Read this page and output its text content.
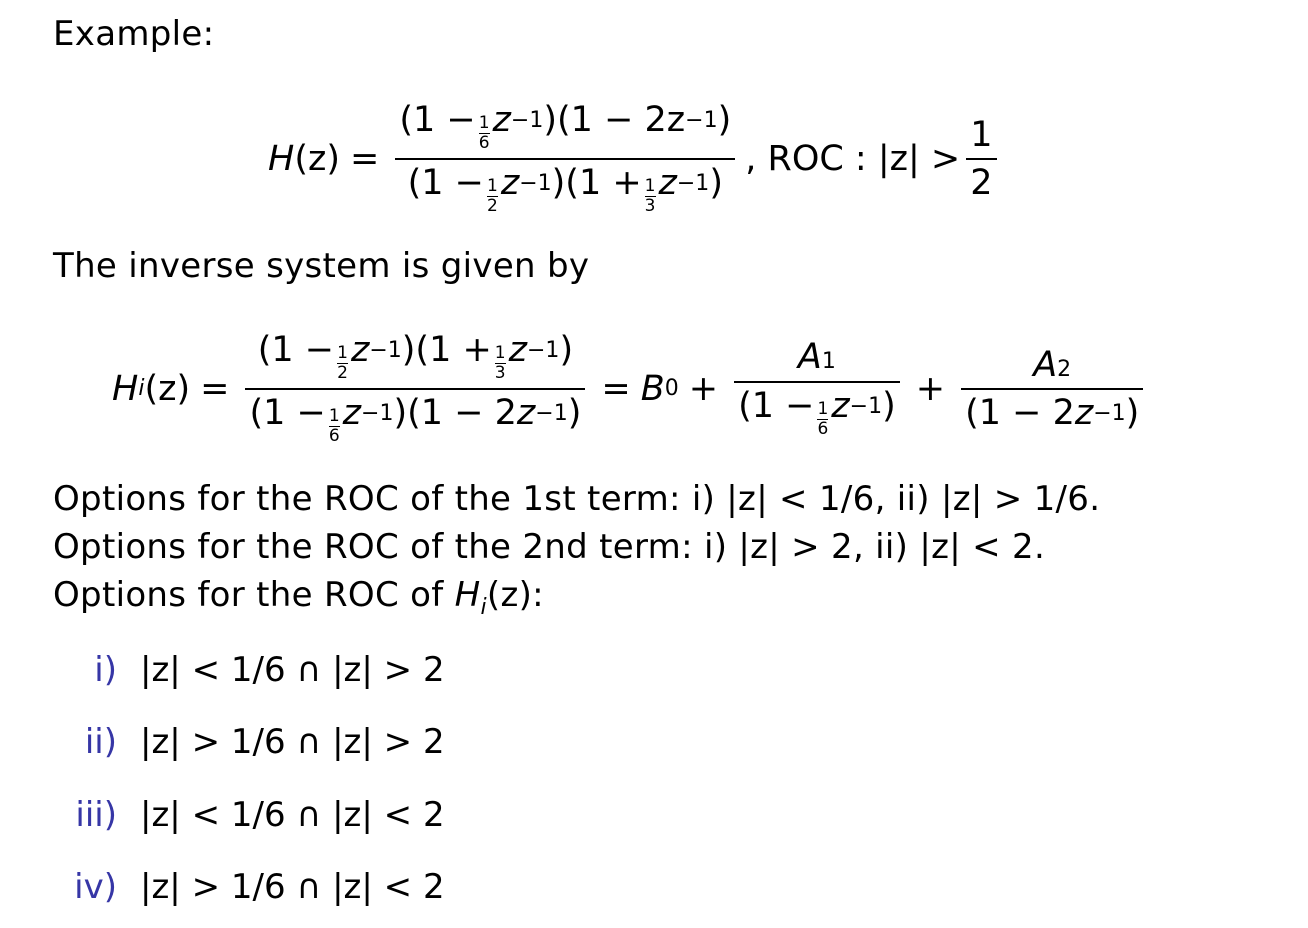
Example:
H (z) = (1 − 1
6
$z^{-1}$ )($1 - 2z^{-1}$ )
(1 − 1
2
$z^{-1}$ )(1 + 1
3
$z^{-1}$ ) , ROC : $|z| > \frac{1}{2}$
The inverse system is given by
H i (z) = (1 − 1
2
$z^{-1}$ )(1 + 1
3
$z^{-1}$ )
(1 − 1
6
$z^{-1}$ )(1 − 2 $z^{-1}$ ) = B 0 + A 1
(1 − 1
6
$z^{-1}$ ) + $\frac{A 2}{(1 - 2 z^{-1} )}$
Options for the ROC of the 1st term: i) |z| < 1/6, ii) |z| > 1/6.
Options for the ROC of the 2nd term: i) |z| > 2, ii) |z| < 2.
Options for the ROC of $H_i(z)$:
i) |z| < 1/6 ∩ |z| > 2
ii) |z| > 1/6 ∩ |z| > 2
iii) |z| < 1/6 ∩ |z| < 2
iv) |z| > 1/6 ∩ |z| < 2
